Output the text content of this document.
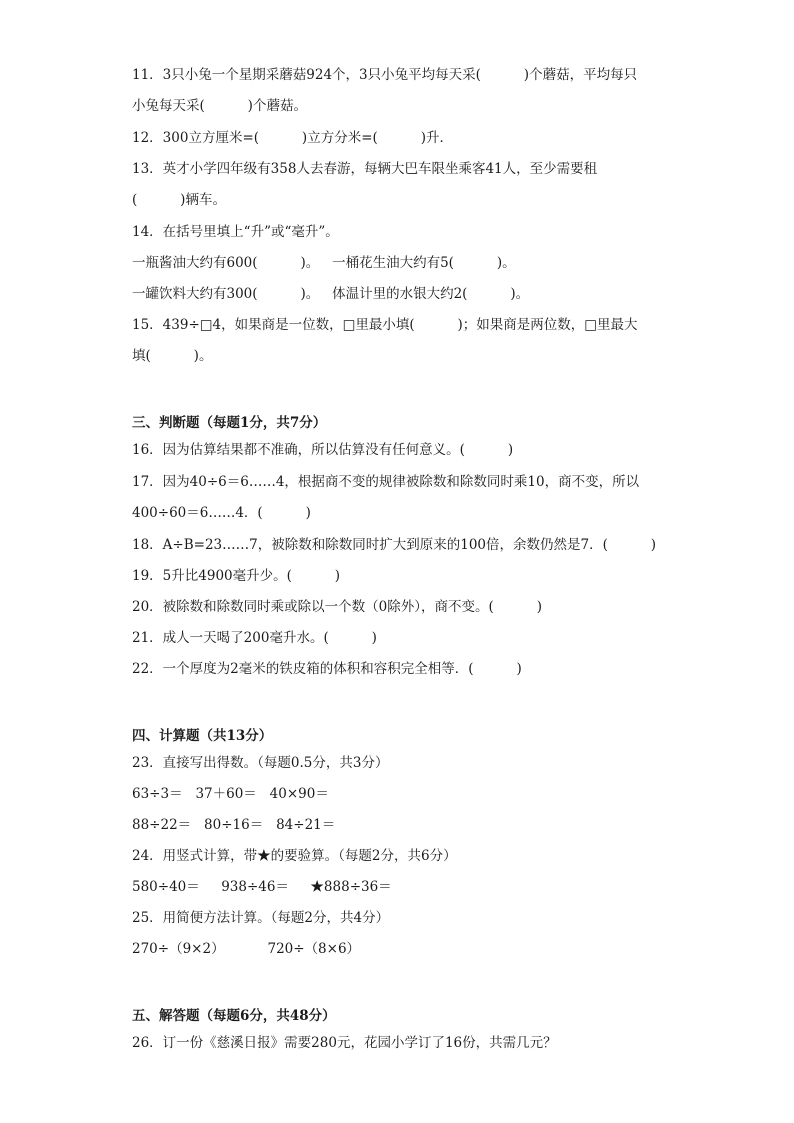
11．3只小兔一个星期采蘑菇924个，3只小兔平均每天采(          )个蘑菇，平均每只
小兔每天采(          )个蘑菇。
12．300立方厘米=(          )立方分米=(          )升．
13．英才小学四年级有358人去春游，每辆大巴车限坐乘客41人，至少需要租
(          )辆车。
14．在括号里填上“升”或“毫升”。
一瓶酱油大约有600(          )。   一桶花生油大约有5(          )。
一罐饮料大约有300(          )。   体温计里的水银大约2(          )。
15．439÷□4，如果商是一位数，□里最小填(          )；如果商是两位数，□里最大
填(          )。
三、判断题（每题1分，共7分）
16．因为估算结果都不准确，所以估算没有任何意义。(          )
17．因为40÷6＝6……4，根据商不变的规律被除数和除数同时乘10，商不变，所以
400÷60＝6……4．(          )
18．A÷B=23……7，被除数和除数同时扩大到原来的100倍，余数仍然是7．(          )
19．5升比4900毫升少。(          )
20．被除数和除数同时乘或除以一个数（0除外），商不变。(          )
21．成人一天喝了200毫升水。(          )
22．一个厚度为2毫米的铁皮箱的体积和容积完全相等．(          )
四、计算题（共13分）
23．直接写出得数。（每题0.5分，共3分）
63÷3＝   37＋60＝   40×90＝
88÷22＝   80÷16＝   84÷21＝
24．用竖式计算，带★的要验算。（每题2分，共6分）
580÷40＝     938÷46＝     ★888÷36＝
25．用简便方法计算。（每题2分，共4分）
270÷（9×2）          720÷（8×6）
五、解答题（每题6分，共48分）
26．订一份《慈溪日报》需要280元，花园小学订了16份，共需几元？
